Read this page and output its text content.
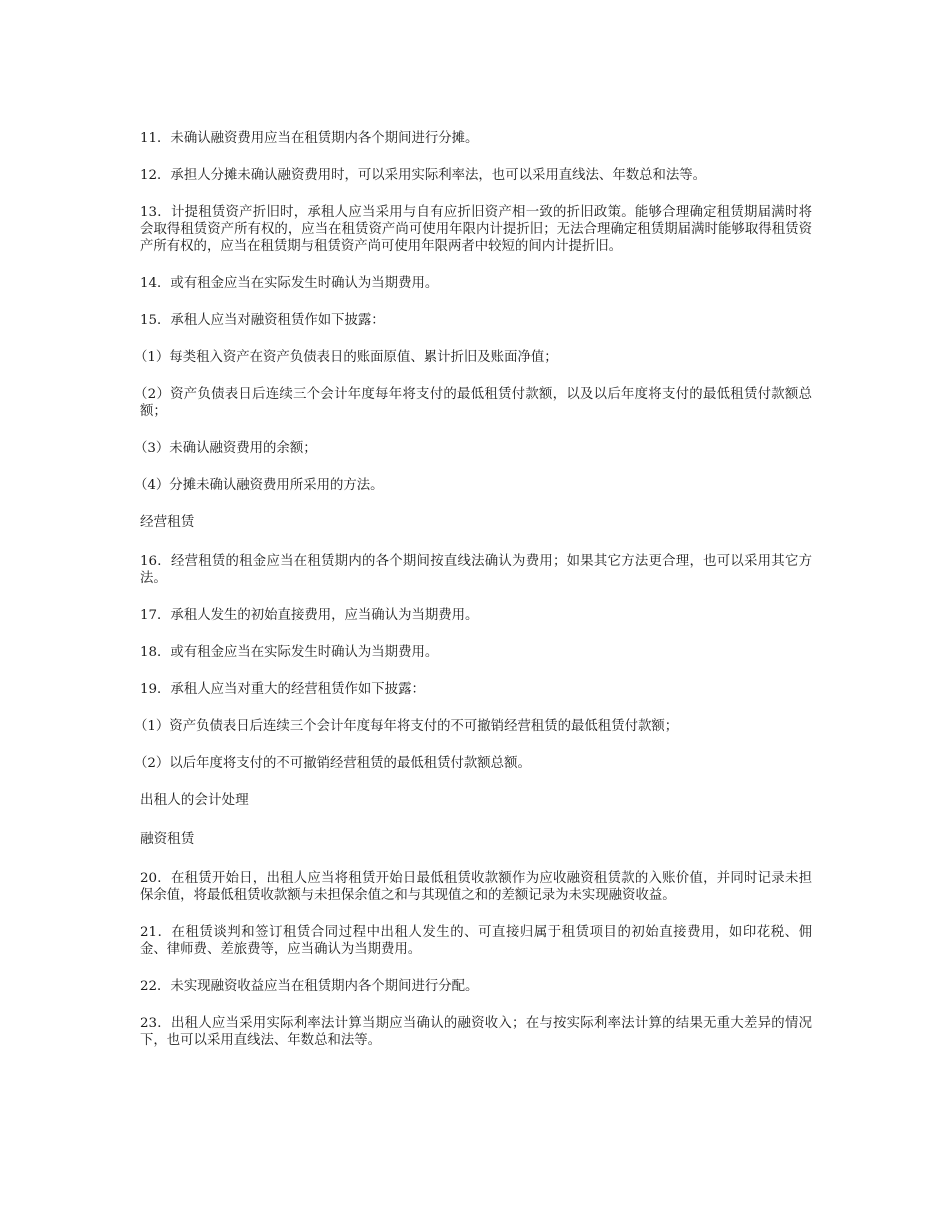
11．未确认融资费用应当在租赁期内各个期间进行分摊。

12．承担人分摊未确认融资费用时，可以采用实际利率法，也可以采用直线法、年数总和法等。

13．计提租赁资产折旧时，承租人应当采用与自有应折旧资产相一致的折旧政策。能够合理确定租赁期届满时将会取得租赁资产所有权的，应当在租赁资产尚可使用年限内计提折旧；无法合理确定租赁期届满时能够取得租赁资产所有权的，应当在租赁期与租赁资产尚可使用年限两者中较短的间内计提折旧。

14．或有租金应当在实际发生时确认为当期费用。

15．承租人应当对融资租赁作如下披露：

（1）每类租入资产在资产负债表日的账面原值、累计折旧及账面净值；

（2）资产负债表日后连续三个会计年度每年将支付的最低租赁付款额，以及以后年度将支付的最低租赁付款额总额；

（3）未确认融资费用的余额；

（4）分摊未确认融资费用所采用的方法。

经营租赁

16．经营租赁的租金应当在租赁期内的各个期间按直线法确认为费用；如果其它方法更合理，也可以采用其它方法。

17．承租人发生的初始直接费用，应当确认为当期费用。

18．或有租金应当在实际发生时确认为当期费用。

19．承租人应当对重大的经营租赁作如下披露：

（1）资产负债表日后连续三个会计年度每年将支付的不可撤销经营租赁的最低租赁付款额；

（2）以后年度将支付的不可撤销经营租赁的最低租赁付款额总额。

出租人的会计处理

融资租赁

20．在租赁开始日，出租人应当将租赁开始日最低租赁收款额作为应收融资租赁款的入账价值，并同时记录未担保余值，将最低租赁收款额与未担保余值之和与其现值之和的差额记录为未实现融资收益。

21．在租赁谈判和签订租赁合同过程中出租人发生的、可直接归属于租赁项目的初始直接费用，如印花税、佣金、律师费、差旅费等，应当确认为当期费用。

22．未实现融资收益应当在租赁期内各个期间进行分配。

23．出租人应当采用实际利率法计算当期应当确认的融资收入；在与按实际利率法计算的结果无重大差异的情况下，也可以采用直线法、年数总和法等。
